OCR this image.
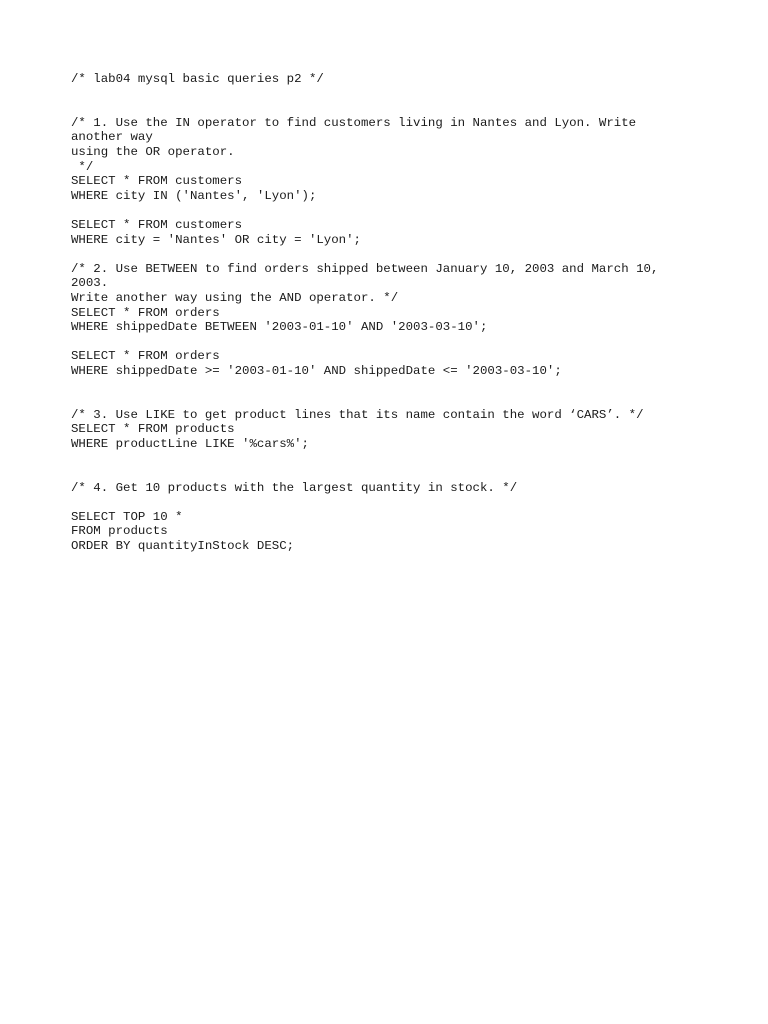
/* lab04 mysql basic queries p2 */
/* 1. Use the IN operator to find customers living in Nantes and Lyon. Write
another way
using the OR operator.
*/
SELECT * FROM customers
WHERE city IN ('Nantes', 'Lyon');
SELECT * FROM customers
WHERE city = 'Nantes' OR city = 'Lyon';
/* 2. Use BETWEEN to find orders shipped between January 10, 2003 and March 10,
2003.
Write another way using the AND operator. */
SELECT * FROM orders
WHERE shippedDate BETWEEN '2003-01-10' AND '2003-03-10';
SELECT * FROM orders
WHERE shippedDate >= '2003-01-10' AND shippedDate <= '2003-03-10';
/* 3. Use LIKE to get product lines that its name contain the word ‘CARS’. */
SELECT * FROM products
WHERE productLine LIKE '%cars%';
/* 4. Get 10 products with the largest quantity in stock. */
SELECT TOP 10 *
FROM products
ORDER BY quantityInStock DESC;
